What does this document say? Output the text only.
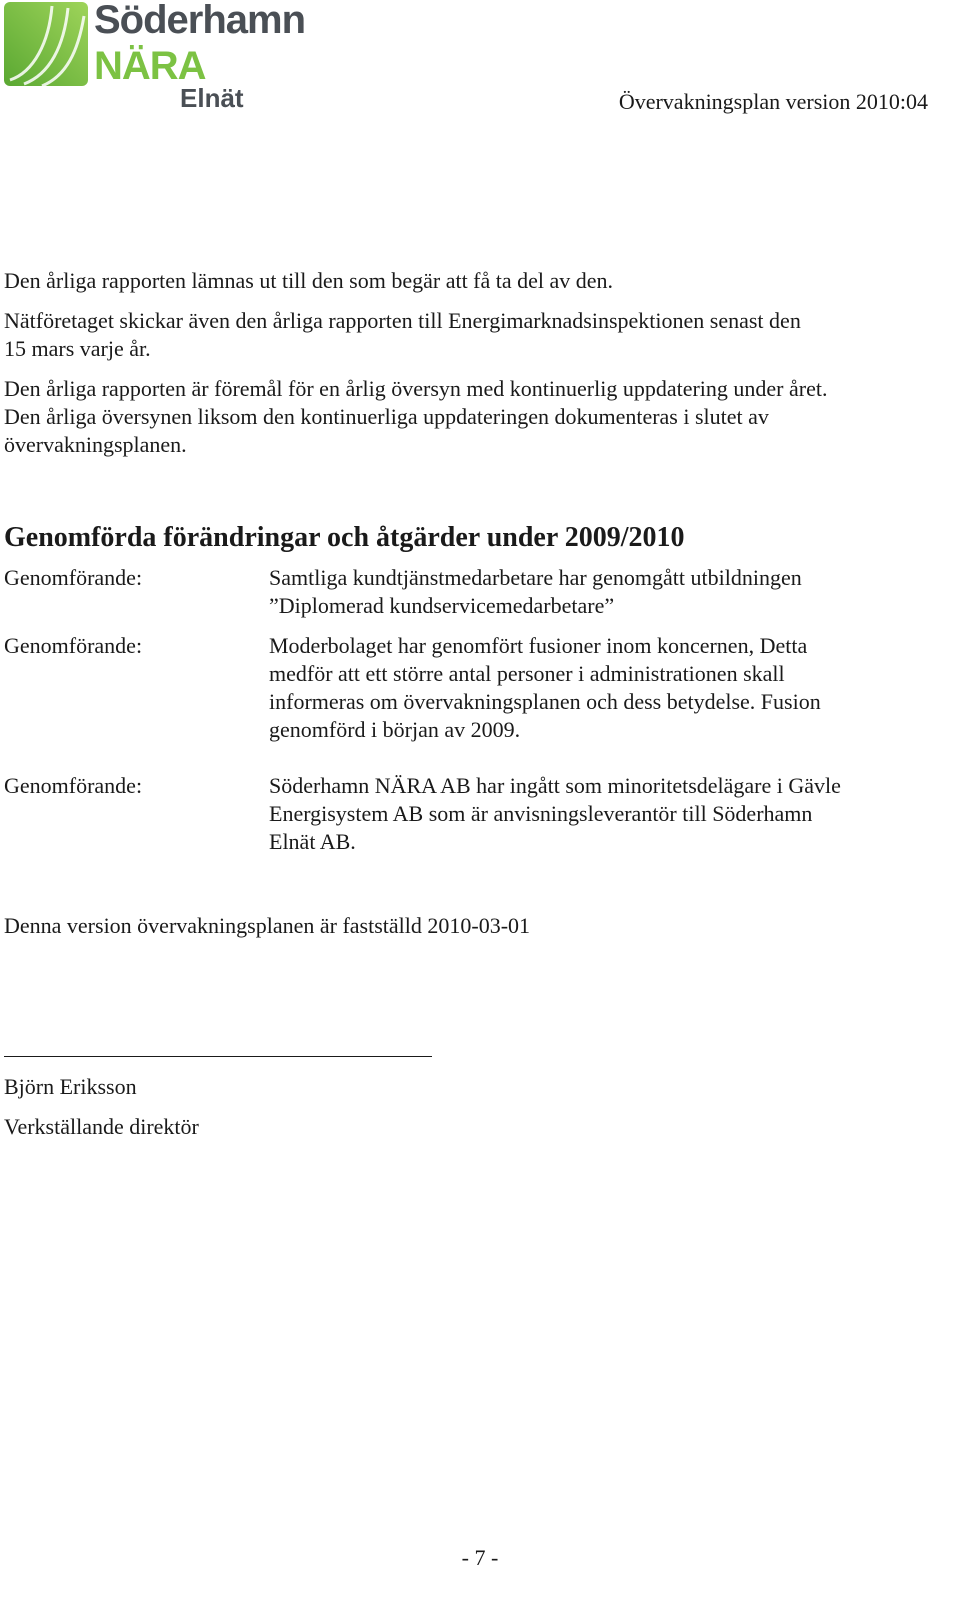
Söderhamn
NÄRA
Elnät	Övervakningsplan version 2010:04
Den årliga rapporten lämnas ut till den som begär att få ta del av den.
Nätföretaget skickar även den årliga rapporten till Energimarknadsinspektionen senast den
15 mars varje år.
Den årliga rapporten är föremål för en årlig översyn med kontinuerlig uppdatering under året.
Den årliga översynen liksom den kontinuerliga uppdateringen dokumenteras i slutet av
övervakningsplanen.
Genomförda förändringar och åtgärder under 2009/2010
Genomförande:	Samtliga kundtjänstmedarbetare har genomgått utbildningen
”Diplomerad kundservicemedarbetare”
Genomförande:	Moderbolaget har genomfört fusioner inom koncernen, Detta
medför att ett större antal personer i administrationen skall
informeras om övervakningsplanen och dess betydelse. Fusion
genomförd i början av 2009.
Genomförande:	Söderhamn NÄRA AB har ingått som minoritetsdelägare i Gävle
Energisystem AB som är anvisningsleverantör till Söderhamn
Elnät AB.
Denna version övervakningsplanen är fastställd 2010-03-01
Björn Eriksson
Verkställande direktör
- 7 -
